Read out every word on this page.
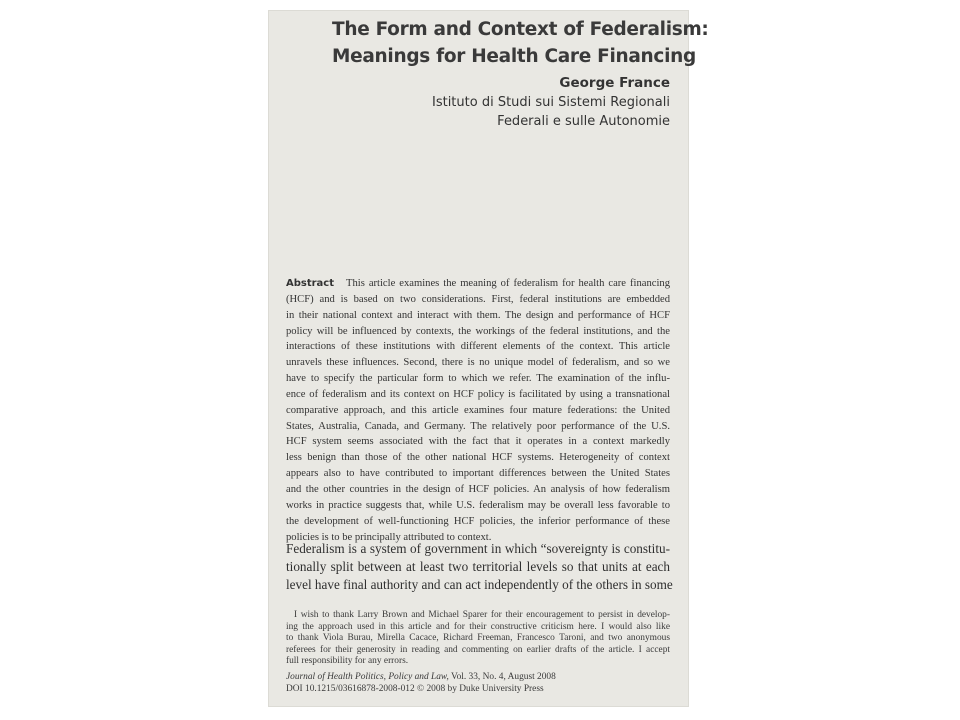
The Form and Context of Federalism:
Meanings for Health Care Financing
George France
Istituto di Studi sui Sistemi Regionali
Federali e sulle Autonomie
Abstract This article examines the meaning of federalism for health care financing
(HCF) and is based on two considerations. First, federal institutions are embedded
in their national context and interact with them. The design and performance of HCF
policy will be influenced by contexts, the workings of the federal institutions, and the
interactions of these institutions with different elements of the context. This article
unravels these influences. Second, there is no unique model of federalism, and so we
have to specify the particular form to which we refer. The examination of the influ-
ence of federalism and its context on HCF policy is facilitated by using a transnational
comparative approach, and this article examines four mature federations: the United
States, Australia, Canada, and Germany. The relatively poor performance of the U.S.
HCF system seems associated with the fact that it operates in a context markedly
less benign than those of the other national HCF systems. Heterogeneity of context
appears also to have contributed to important differences between the United States
and the other countries in the design of HCF policies. An analysis of how federalism
works in practice suggests that, while U.S. federalism may be overall less favorable to
the development of well-functioning HCF policies, the inferior performance of these
policies is to be principally attributed to context.
Federalism is a system of government in which “sovereignty is constitu-
tionally split between at least two territorial levels so that units at each
level have final authority and can act independently of the others in some
I wish to thank Larry Brown and Michael Sparer for their encouragement to persist in develop-
ing the approach used in this article and for their constructive criticism here. I would also like
to thank Viola Burau, Mirella Cacace, Richard Freeman, Francesco Taroni, and two anonymous
referees for their generosity in reading and commenting on earlier drafts of the article. I accept
full responsibility for any errors.
Journal of Health Politics, Policy and Law, Vol. 33, No. 4, August 2008
DOI 10.1215/03616878-2008-012 © 2008 by Duke University Press
